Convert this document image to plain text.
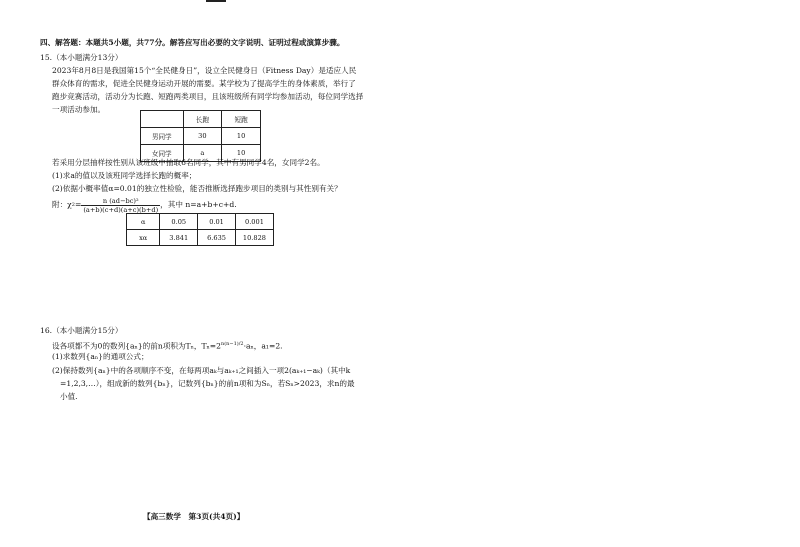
四、解答题：本题共5小题，共77分。解答应写出必要的文字说明、证明过程或演算步骤。
15.（本小题满分13分）
2023年8月8日是我国第15个“全民健身日”，设立全民健身日（Fitness Day）是适应人民
群众体育的需求，促进全民健身运动开展的需要。某学校为了提高学生的身体素质，举行了
跑步竞赛活动，活动分为长跑、短跑两类项目，且该班级所有同学均参加活动，每位同学选择
一项活动参加。
	长跑	短跑
男同学	30	10
女同学	a	10
若采用分层抽样按性别从该班级中抽取6名同学，其中有男同学4名，女同学2名。
(1)求a的值以及该班同学选择长跑的概率；
(2)依据小概率值α=0.01的独立性检验，能否推断选择跑步项目的类别与其性别有关？
附：χ $2 = \frac{\text{n (ad−bc)²}}{(a+b)(c+d)(a+c)(b+d)}$ ，其中 n=a+b+c+d.
α	0.05	0.01	0.001
xα	3.841	6.635	10.828
16.（本小题满分15分）
设各项都不为0的数列{aₙ}的前n项积为Tₙ，$T_n=2^{n(n-1)/2}\cdot a_n$，a₁=2.
(1)求数列{aₙ}的通项公式；
(2)保持数列{aₙ}中的各项顺序不变，在每两项aₖ与aₖ₊₁之间插入一项2(aₖ₊₁−aₖ)（其中k
=1,2,3,…），组成新的数列{bₙ}，记数列{bₙ}的前n项和为Sₙ，若Sₙ>2023，求n的最
小值.
【高三数学　第3页(共4页)】
